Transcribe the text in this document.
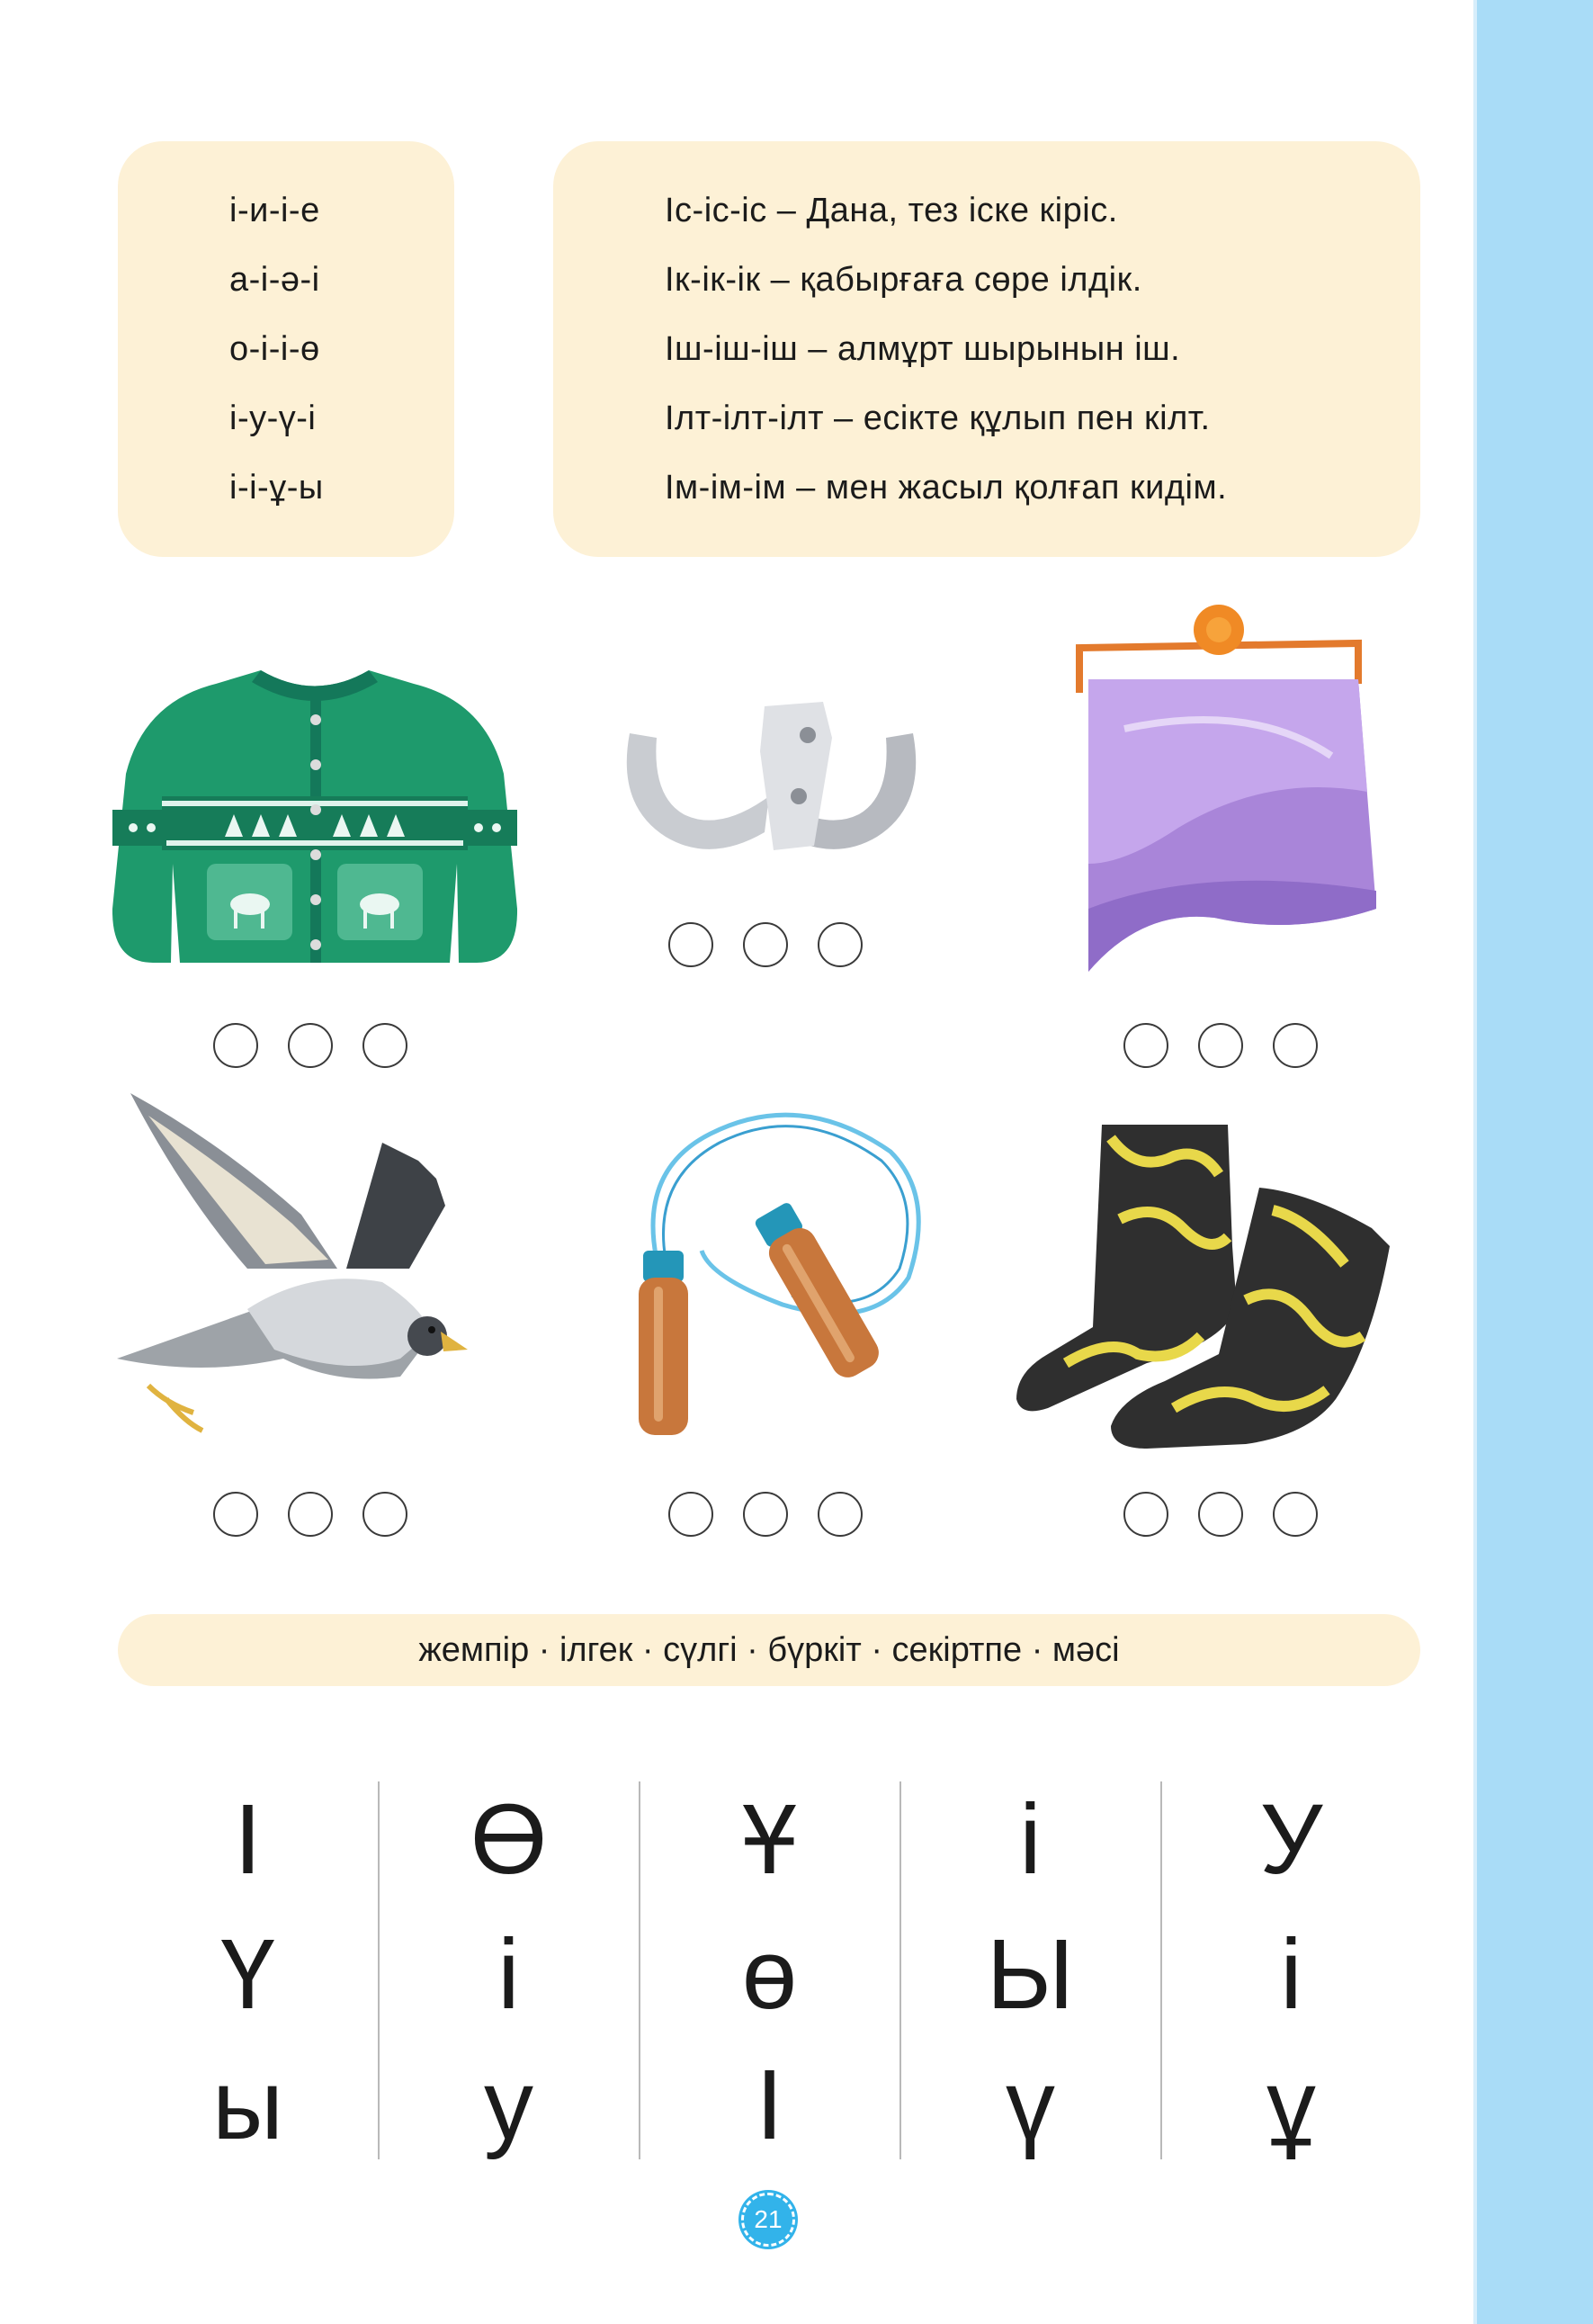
і-и-і-е
а-і-ә-і
о-і-і-ө
і-у-ү-і
і-і-ұ-ы
Іс-іс-іс – Дана, тез іске кіріс.
Ік-ік-ік – қабырғаға сөре ілдік.
Іш-іш-іш – алмұрт шырынын іш.
Ілт-ілт-ілт – есікте құлып пен кілт.
Ім-ім-ім – мен жасыл қолғап кидім.
жемпір · ілгек · сүлгі · бүркіт · секіртпе · мәсі
І
Ү
ы
Ө
і
у
Ұ
ө
І
і
Ы
ү
У
і
ұ
21
